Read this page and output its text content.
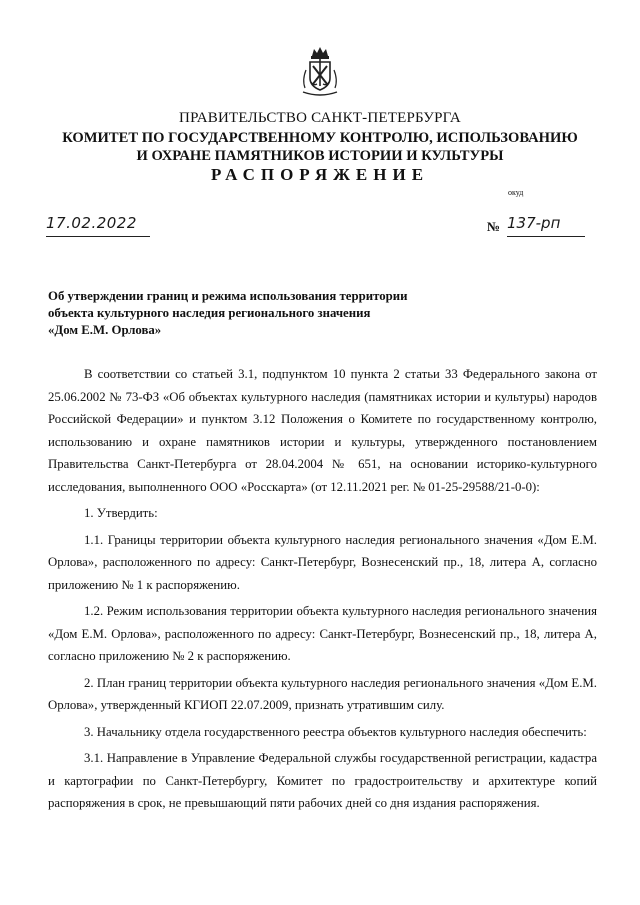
ПРАВИТЕЛЬСТВО САНКТ-ПЕТЕРБУРГА
КОМИТЕТ ПО ГОСУДАРСТВЕННОМУ КОНТРОЛЮ, ИСПОЛЬЗОВАНИЮ
И ОХРАНЕ ПАМЯТНИКОВ ИСТОРИИ И КУЛЬТУРЫ
РАСПОРЯЖЕНИЕ
окуд
17.02.2022	№ 137-рп
Об утверждении границ и режима использования территории
объекта культурного наследия регионального значения
«Дом Е.М. Орлова»

В соответствии со статьей 3.1, подпунктом 10 пункта 2 статьи 33 Федерального закона от 25.06.2002 № 73-ФЗ «Об объектах культурного наследия (памятниках истории и культуры) народов Российской Федерации» и пунктом 3.12 Положения о Комитете по государственному контролю, использованию и охране памятников истории и культуры, утвержденного постановлением Правительства Санкт-Петербурга от 28.04.2004 № 651, на основании историко-культурного исследования, выполненного ООО «Росскарта» (от 12.11.2021 рег. № 01-25-29588/21-0-0):

1. Утвердить:

1.1. Границы территории объекта культурного наследия регионального значения «Дом Е.М. Орлова», расположенного по адресу: Санкт-Петербург, Вознесенский пр., 18, литера А, согласно приложению № 1 к распоряжению.

1.2. Режим использования территории объекта культурного наследия регионального значения «Дом Е.М. Орлова», расположенного по адресу: Санкт-Петербург, Вознесенский пр., 18, литера А, согласно приложению № 2 к распоряжению.

2. План границ территории объекта культурного наследия регионального значения «Дом Е.М. Орлова», утвержденный КГИОП 22.07.2009, признать утратившим силу.

3. Начальнику отдела государственного реестра объектов культурного наследия обеспечить:

3.1. Направление в Управление Федеральной службы государственной регистрации, кадастра и картографии по Санкт-Петербургу, Комитет по градостроительству и архитектуре копий распоряжения в срок, не превышающий пяти рабочих дней со дня издания распоряжения.
